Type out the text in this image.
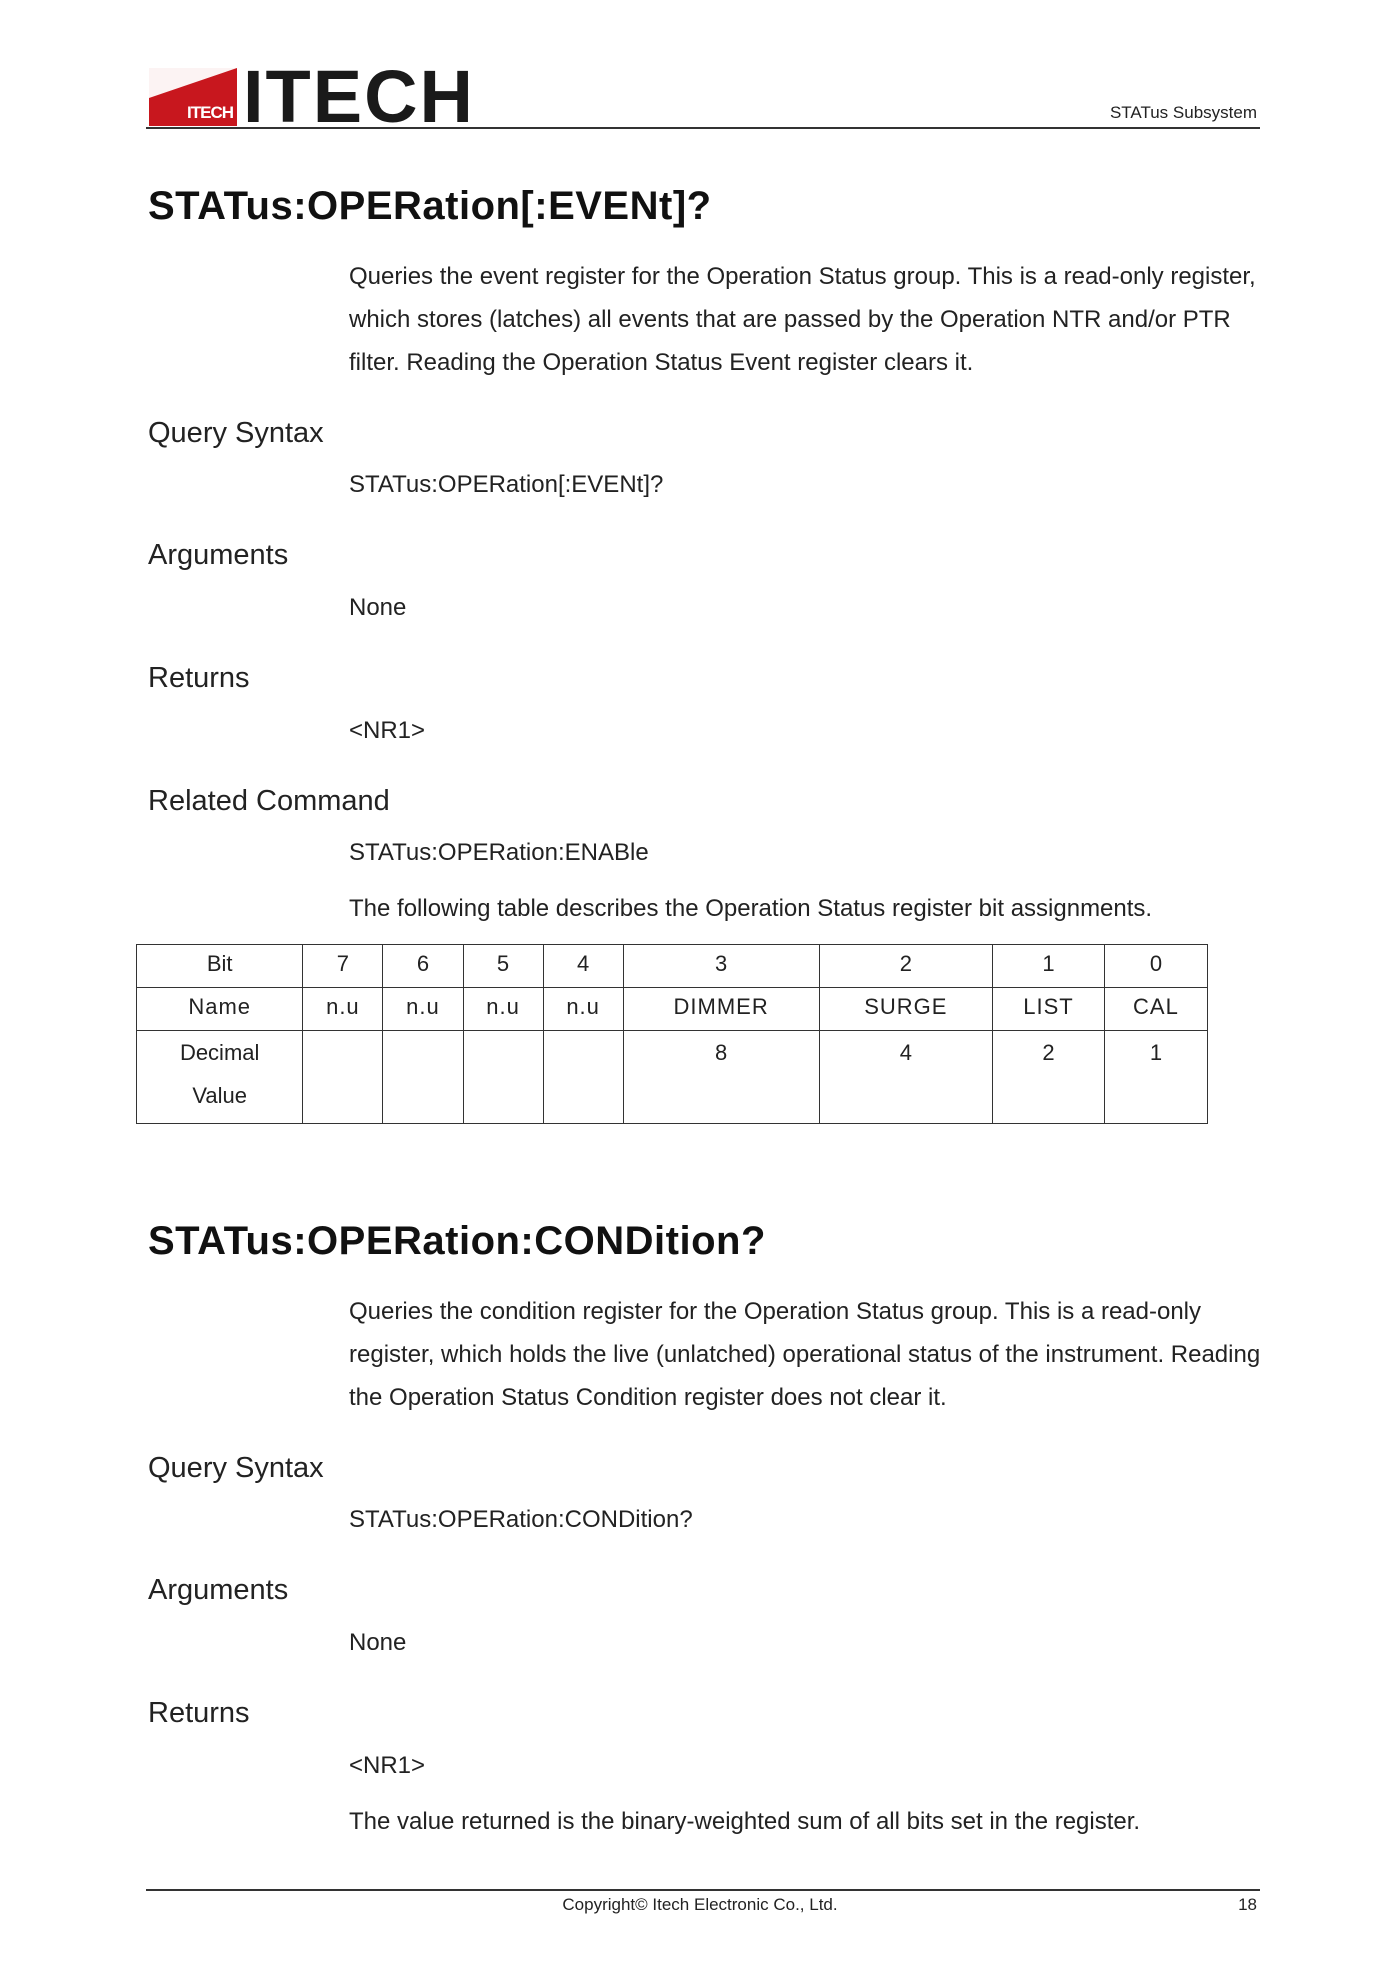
ITECH ITECH	STATus Subsystem
STATus:OPERation[:EVENt]?
Queries the event register for the Operation Status group. This is a read-only register, which stores (latches) all events that are passed by the Operation NTR and/or PTR filter. Reading the Operation Status Event register clears it.
Query Syntax
STATus:OPERation[:EVENt]?
Arguments
None
Returns
<NR1>
Related Command
STATus:OPERation:ENABle
The following table describes the Operation Status register bit assignments.
Bit	7	6	5	4	3	2	1	0
Name	n.u	n.u	n.u	n.u	DIMMER	SURGE	LIST	CAL

Decimal
Value					8	4	2	1
STATus:OPERation:CONDition?
Queries the condition register for the Operation Status group. This is a read-only register, which holds the live (unlatched) operational status of the instrument. Reading the Operation Status Condition register does not clear it.
Query Syntax
STATus:OPERation:CONDition?
Arguments
None
Returns
<NR1>
The value returned is the binary-weighted sum of all bits set in the register.
Copyright© Itech Electronic Co., Ltd.	18
